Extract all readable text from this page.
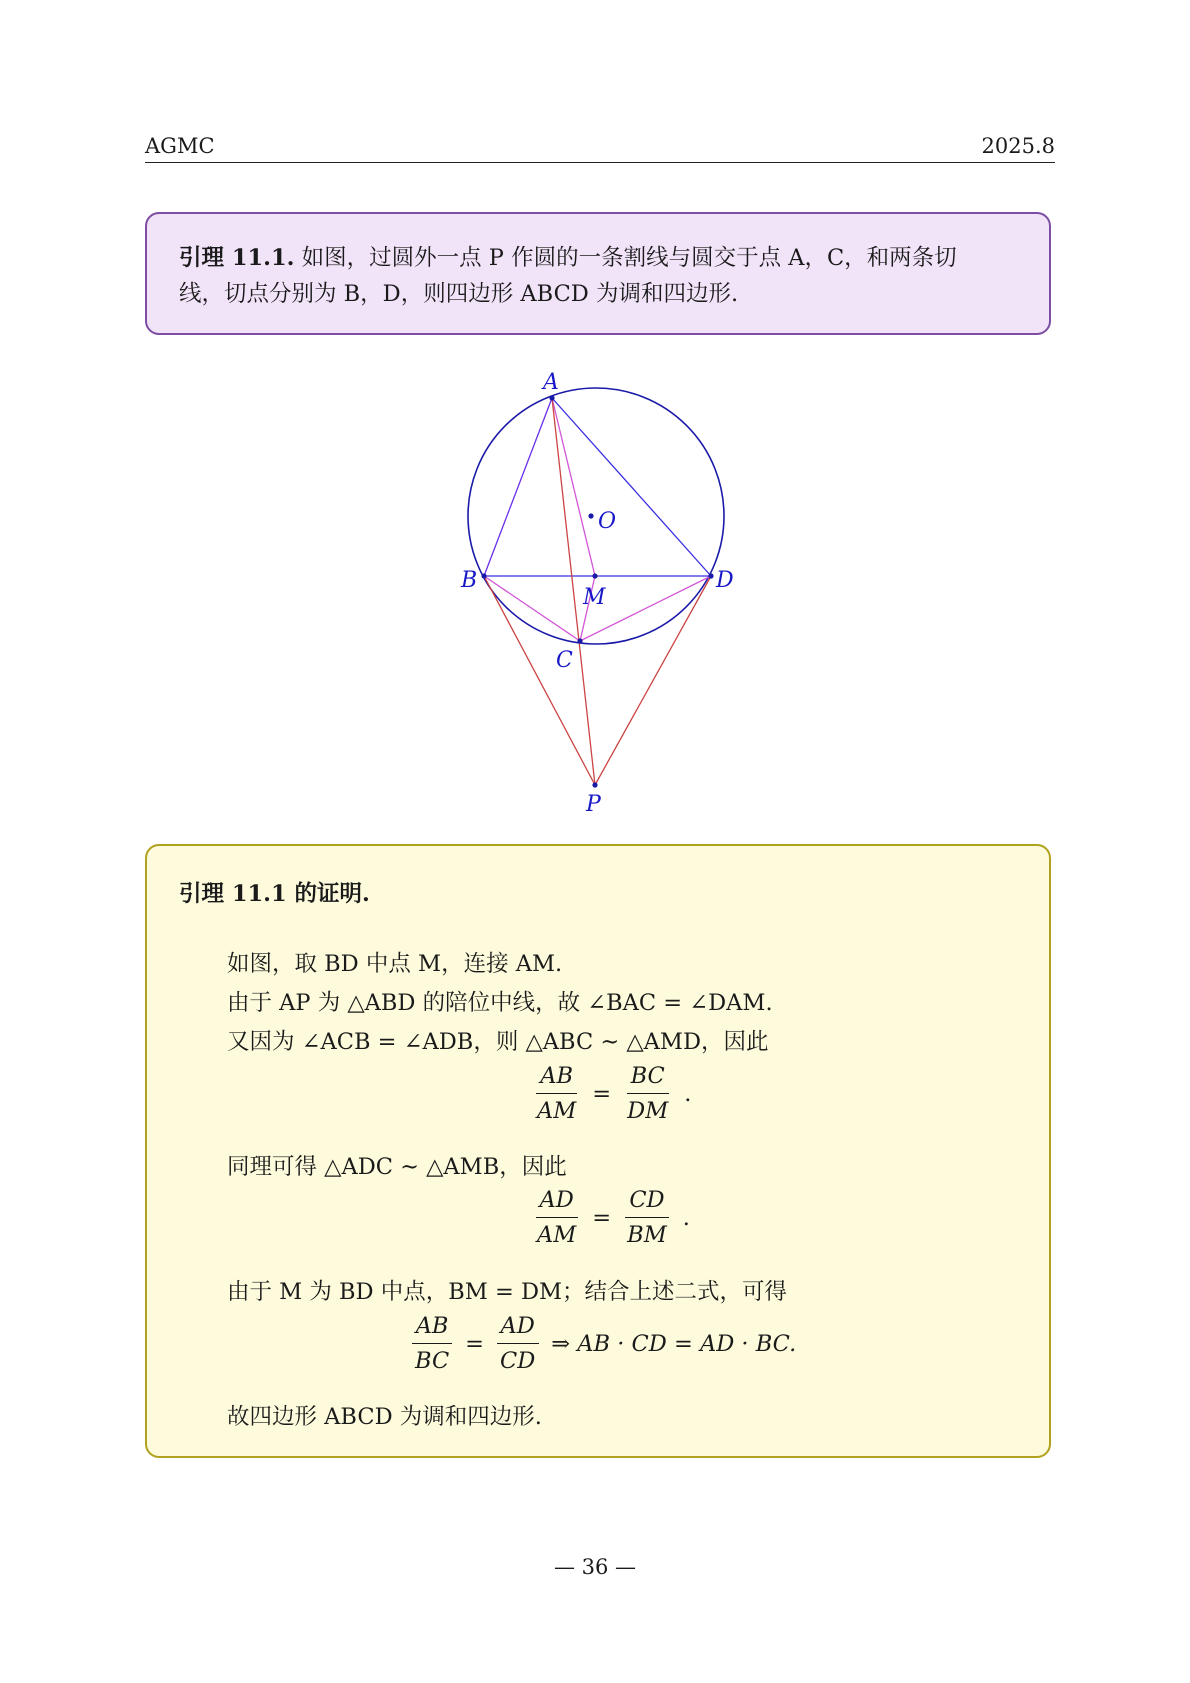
AGMC	2025.8
引理 11.1. 如图，过圆外一点 P 作圆的一条割线与圆交于点 A，C，和两条切
线，切点分别为 B，D，则四边形 ABCD 为调和四边形.
A
B
C
D
M
O
P
引理 11.1 的证明.
如图，取 BD 中点 M，连接 AM.
由于 AP 为 △ABD 的陪位中线，故 ∠BAC = ∠DAM.
又因为 ∠ACB = ∠ADB，则 △ABC ∼ △AMD，因此
$\frac{AB}{AM} = \frac{BC}{DM}$ .
同理可得 △ADC ∼ △AMB，因此
$\frac{AD}{AM} = \frac{CD}{BM}$ .
由于 M 为 BD 中点，BM = DM；结合上述二式，可得
$\frac{AB}{BC} = \frac{AD}{CD}$ ⇒ AB · CD = AD · BC.
故四边形 ABCD 为调和四边形.
— 36 —
